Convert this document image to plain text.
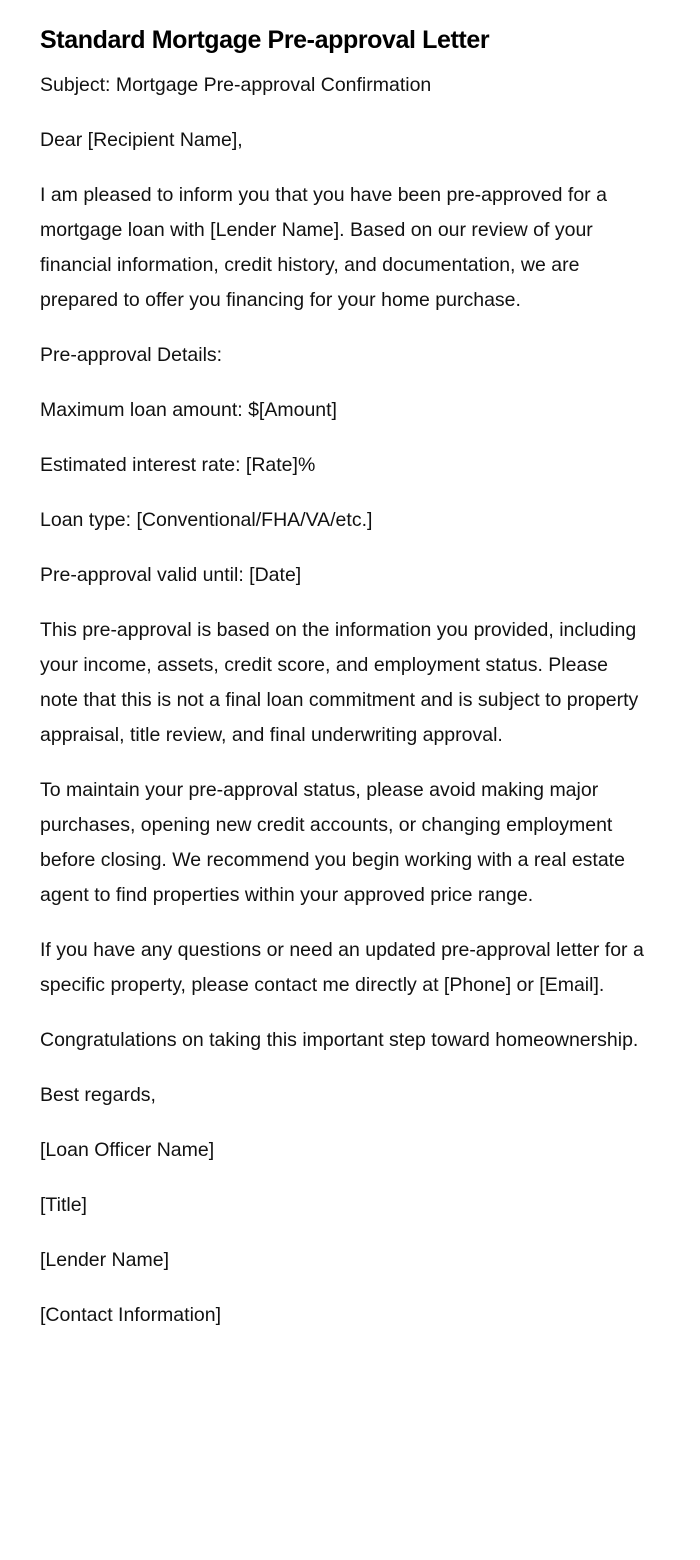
Standard Mortgage Pre-approval Letter

Subject: Mortgage Pre-approval Confirmation

Dear [Recipient Name],

I am pleased to inform you that you have been pre-approved for a mortgage loan with [Lender Name]. Based on our review of your financial information, credit history, and documentation, we are prepared to offer you financing for your home purchase.

Pre-approval Details:

Maximum loan amount: $[Amount]

Estimated interest rate: [Rate]%

Loan type: [Conventional/FHA/VA/etc.]

Pre-approval valid until: [Date]

This pre-approval is based on the information you provided, including your income, assets, credit score, and employment status. Please note that this is not a final loan commitment and is subject to property appraisal, title review, and final underwriting approval.

To maintain your pre-approval status, please avoid making major purchases, opening new credit accounts, or changing employment before closing. We recommend you begin working with a real estate agent to find properties within your approved price range.

If you have any questions or need an updated pre-approval letter for a specific property, please contact me directly at [Phone] or [Email].

Congratulations on taking this important step toward homeownership.

Best regards,

[Loan Officer Name]

[Title]

[Lender Name]

[Contact Information]
